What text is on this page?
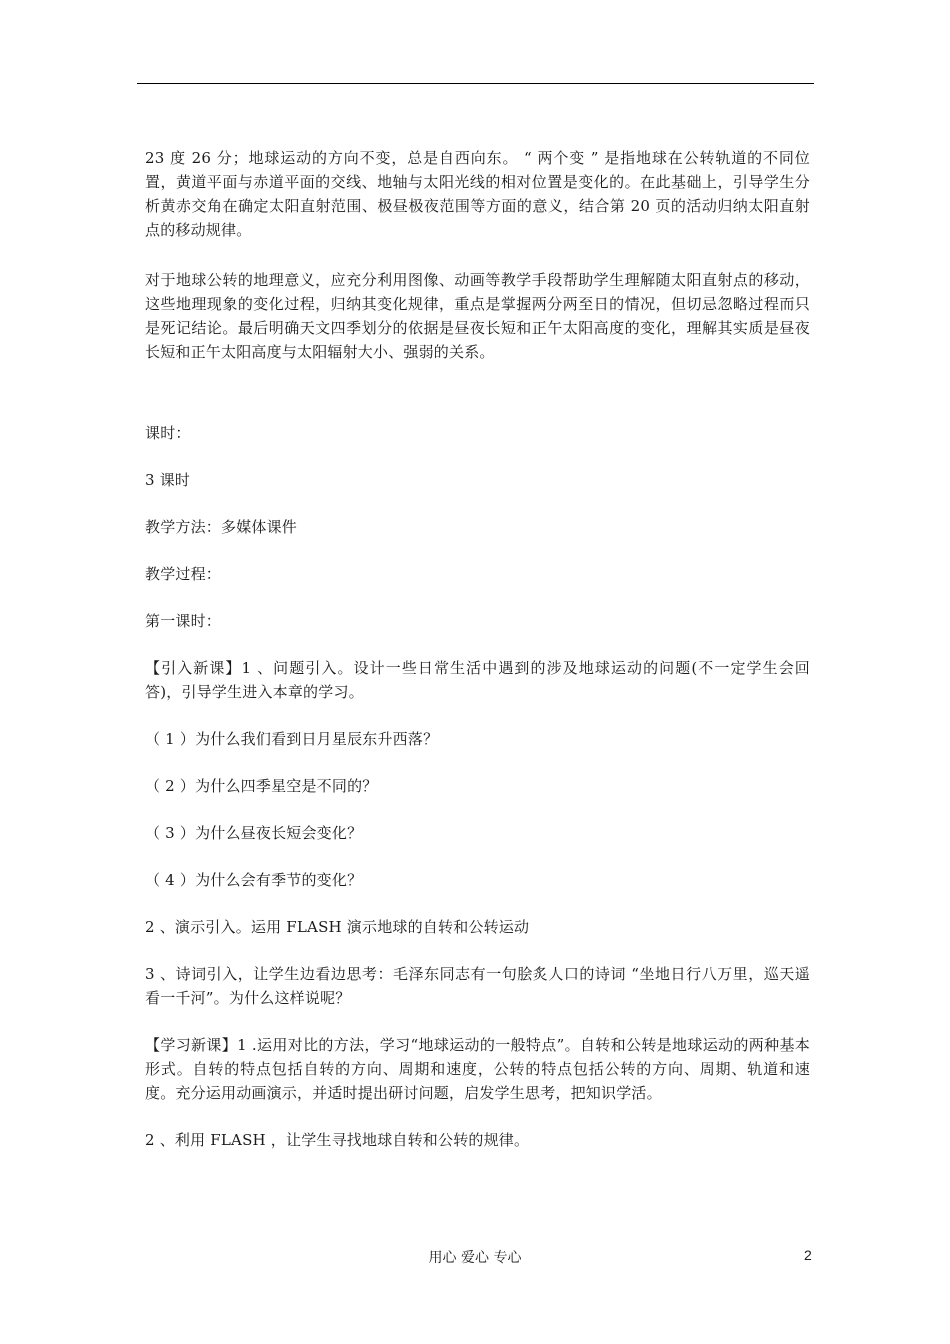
23 度 26 分；地球运动的方向不变，总是自西向东。 “ 两个变 ” 是指地球在公转轨道的不同位置，黄道平面与赤道平面的交线、地轴与太阳光线的相对位置是变化的。在此基础上，引导学生分析黄赤交角在确定太阳直射范围、极昼极夜范围等方面的意义，结合第 20 页的活动归纳太阳直射点的移动规律。

对于地球公转的地理意义，应充分利用图像、动画等教学手段帮助学生理解随太阳直射点的移动，这些地理现象的变化过程，归纳其变化规律，重点是掌握两分两至日的情况，但切忌忽略过程而只是死记结论。最后明确天文四季划分的依据是昼夜长短和正午太阳高度的变化，理解其实质是昼夜长短和正午太阳高度与太阳辐射大小、强弱的关系。

课时：

3 课时

教学方法：多媒体课件

教学过程：

第一课时：

【引入新课】1 、问题引入。设计一些日常生活中遇到的涉及地球运动的问题(不一定学生会回答)，引导学生进入本章的学习。

（ 1 ）为什么我们看到日月星辰东升西落？

（ 2 ）为什么四季星空是不同的？

（ 3 ）为什么昼夜长短会变化？

（ 4 ）为什么会有季节的变化？

2 、演示引入。运用 FLASH 演示地球的自转和公转运动

3 、诗词引入，让学生边看边思考：毛泽东同志有一句脍炙人口的诗词 “坐地日行八万里，巡天遥看一千河”。为什么这样说呢？

【学习新课】1 .运用对比的方法，学习“地球运动的一般特点”。自转和公转是地球运动的两种基本形式。自转的特点包括自转的方向、周期和速度，公转的特点包括公转的方向、周期、轨道和速度。充分运用动画演示，并适时提出研讨问题，启发学生思考，把知识学活。

2 、利用 FLASH ，让学生寻找地球自转和公转的规律。

用心 爱心 专心	2
